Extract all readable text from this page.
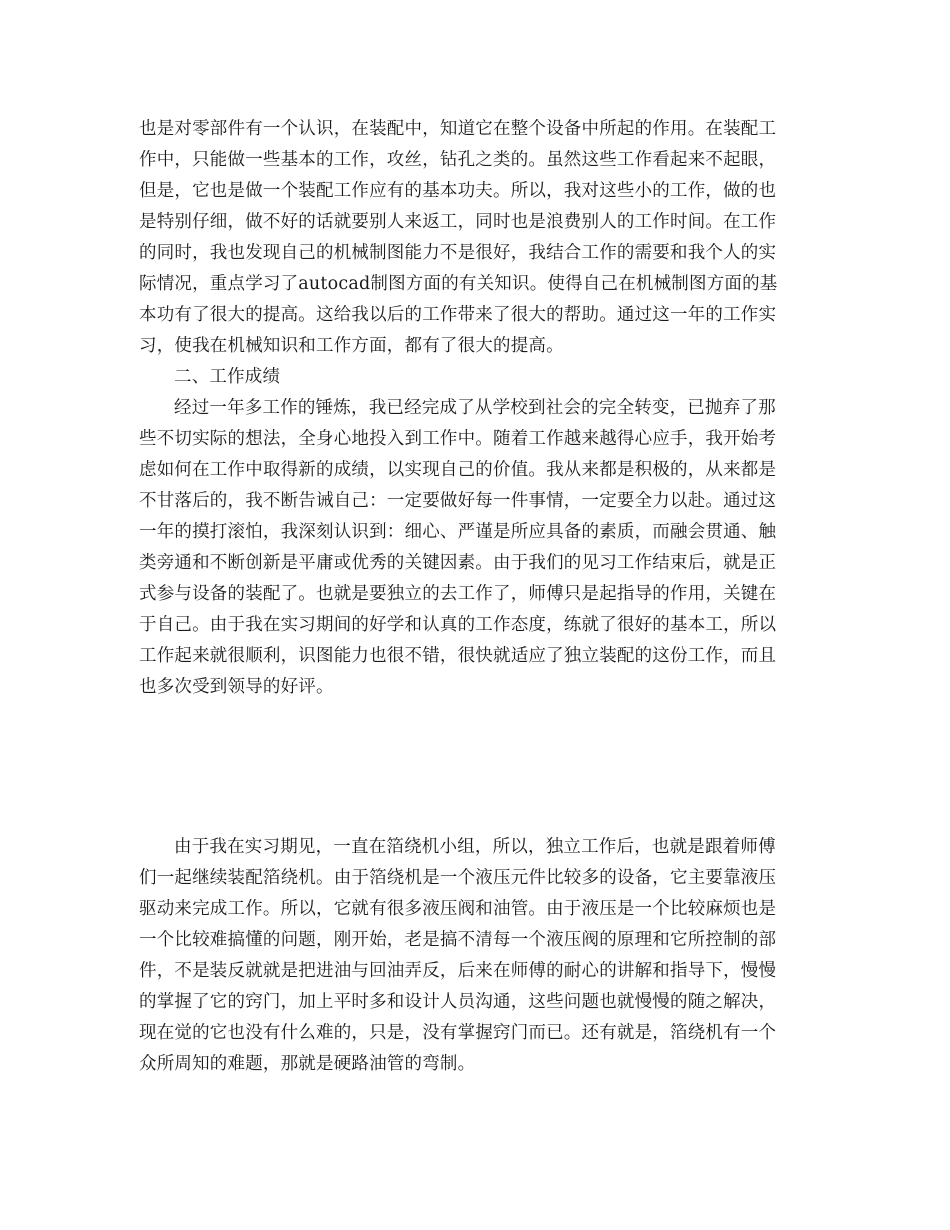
也是对零部件有一个认识，在装配中，知道它在整个设备中所起的作用。在装配工
作中，只能做一些基本的工作，攻丝，钻孔之类的。虽然这些工作看起来不起眼，
但是，它也是做一个装配工作应有的基本功夫。所以，我对这些小的工作，做的也
是特别仔细，做不好的话就要别人来返工，同时也是浪费别人的工作时间。在工作
的同时，我也发现自己的机械制图能力不是很好，我结合工作的需要和我个人的实
际情况，重点学习了autocad制图方面的有关知识。使得自己在机械制图方面的基
本功有了很大的提高。这给我以后的工作带来了很大的帮助。通过这一年的工作实
习，使我在机械知识和工作方面，都有了很大的提高。
二、工作成绩
经过一年多工作的锤炼，我已经完成了从学校到社会的完全转变，已抛弃了那
些不切实际的想法，全身心地投入到工作中。随着工作越来越得心应手，我开始考
虑如何在工作中取得新的成绩，以实现自己的价值。我从来都是积极的，从来都是
不甘落后的，我不断告诫自己：一定要做好每一件事情，一定要全力以赴。通过这
一年的摸打滚怕，我深刻认识到：细心、严谨是所应具备的素质，而融会贯通、触
类旁通和不断创新是平庸或优秀的关键因素。由于我们的见习工作结束后，就是正
式参与设备的装配了。也就是要独立的去工作了，师傅只是起指导的作用，关键在
于自己。由于我在实习期间的好学和认真的工作态度，练就了很好的基本工，所以
工作起来就很顺利，识图能力也很不错，很快就适应了独立装配的这份工作，而且
也多次受到领导的好评。
由于我在实习期见，一直在箔绕机小组，所以，独立工作后，也就是跟着师傅
们一起继续装配箔绕机。由于箔绕机是一个液压元件比较多的设备，它主要靠液压
驱动来完成工作。所以，它就有很多液压阀和油管。由于液压是一个比较麻烦也是
一个比较难搞懂的问题，刚开始，老是搞不清每一个液压阀的原理和它所控制的部
件，不是装反就就是把进油与回油弄反，后来在师傅的耐心的讲解和指导下，慢慢
的掌握了它的窍门，加上平时多和设计人员沟通，这些问题也就慢慢的随之解决，
现在觉的它也没有什么难的，只是，没有掌握窍门而已。还有就是，箔绕机有一个
众所周知的难题，那就是硬路油管的弯制。
